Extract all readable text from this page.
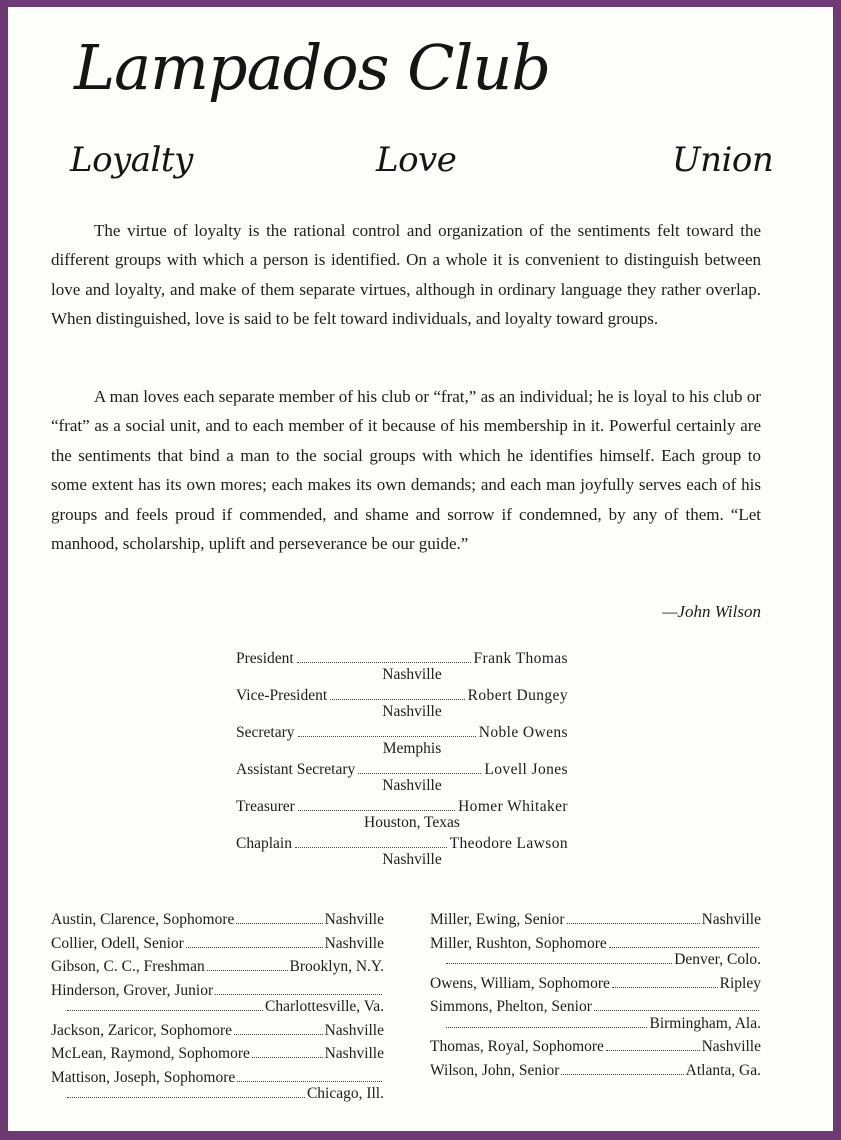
Lampados Club
Loyalty	Love	Union

The virtue of loyalty is the rational control and organization of the sentiments felt toward the different groups with which a person is identified. On a whole it is convenient to distinguish between love and loyalty, and make of them separate virtues, although in ordinary language they rather overlap. When distinguished, love is said to be felt toward individuals, and loyalty toward groups.

A man loves each separate member of his club or “frat,” as an individual; he is loyal to his club or “frat” as a social unit, and to each member of it because of his membership in it. Powerful certainly are the sentiments that bind a man to the social groups with which he identifies himself. Each group to some extent has its own mores; each makes its own demands; and each man joyfully serves each of his groups and feels proud if commended, and shame and sorrow if condemned, by any of them. “Let manhood, scholarship, uplift and perseverance be our guide.”

—John Wilson
President	Frank Thomas
Nashville
Vice-President	Robert Dungey
Nashville
Secretary	Noble Owens
Memphis
Assistant Secretary	Lovell Jones
Nashville
Treasurer	Homer Whitaker
Houston, Texas
Chaplain	Theodore Lawson
Nashville
Austin, Clarence, Sophomore	Nashville
Collier, Odell, Senior	Nashville
Gibson, C. C., Freshman	Brooklyn, N.Y.
Hinderson, Grover, Junior
Charlottesville, Va.
Jackson, Zaricor, Sophomore	Nashville
McLean, Raymond, Sophomore	Nashville
Mattison, Joseph, Sophomore
Chicago, Ill.
Miller, Ewing, Senior	Nashville
Miller, Rushton, Sophomore
Denver, Colo.
Owens, William, Sophomore	Ripley
Simmons, Phelton, Senior
Birmingham, Ala.
Thomas, Royal, Sophomore	Nashville
Wilson, John, Senior	Atlanta, Ga.
